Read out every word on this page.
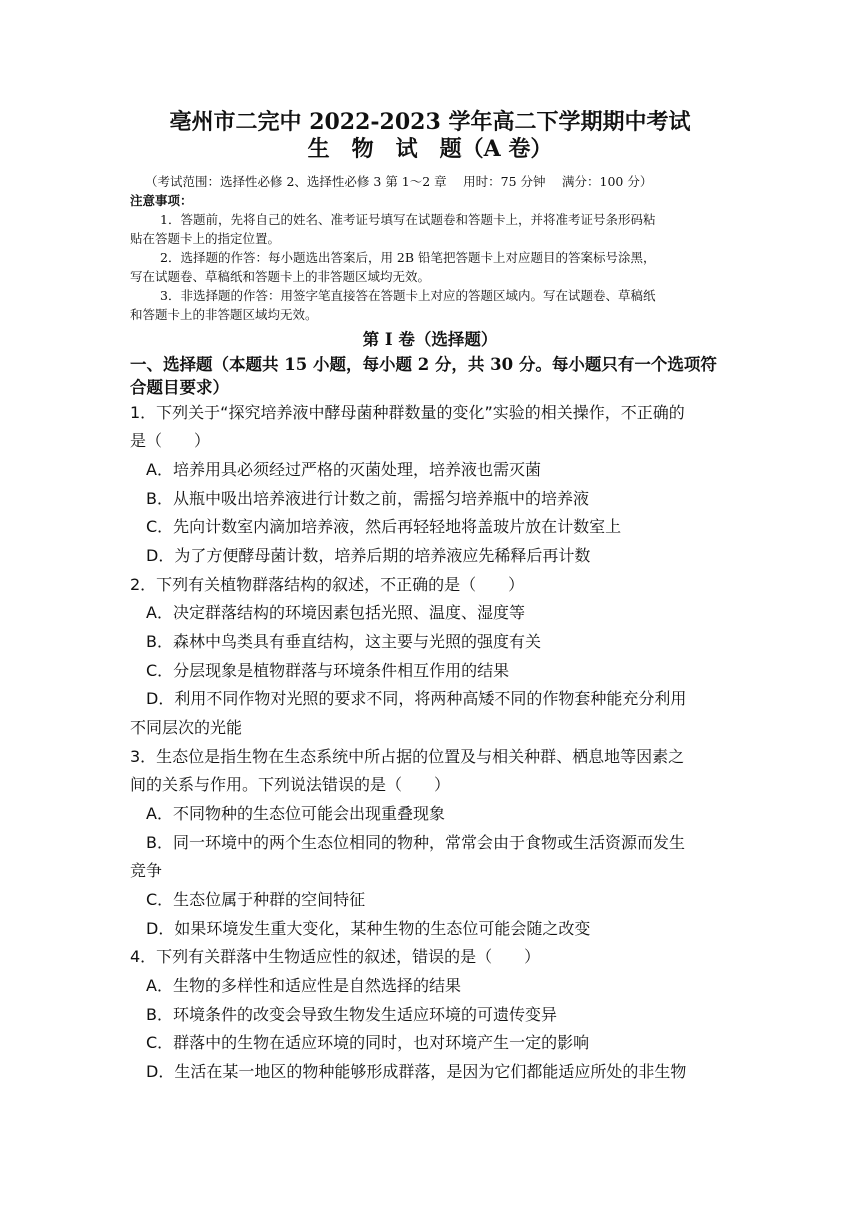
亳州市二完中 2022-2023 学年高二下学期期中考试
生　物　试　题（A 卷）
（考试范围：选择性必修 2、选择性必修 3 第 1～2 章　 用时：75 分钟　 满分：100 分）
注意事项：
1．答题前，先将自己的姓名、准考证号填写在试题卷和答题卡上，并将准考证号条形码粘
贴在答题卡上的指定位置。
2．选择题的作答：每小题选出答案后，用 2B 铅笔把答题卡上对应题目的答案标号涂黑，
写在试题卷、草稿纸和答题卡上的非答题区域均无效。
3．非选择题的作答：用签字笔直接答在答题卡上对应的答题区域内。写在试题卷、草稿纸
和答题卡上的非答题区域均无效。
第 I 卷（选择题）
一、选择题（本题共 15 小题，每小题 2 分，共 30 分。每小题只有一个选项符
合题目要求）
1．下列关于“探究培养液中酵母菌种群数量的变化”实验的相关操作，不正确的
是（　　）
A．培养用具必须经过严格的灭菌处理，培养液也需灭菌
B．从瓶中吸出培养液进行计数之前，需摇匀培养瓶中的培养液
C．先向计数室内滴加培养液，然后再轻轻地将盖玻片放在计数室上
D．为了方便酵母菌计数，培养后期的培养液应先稀释后再计数
2．下列有关植物群落结构的叙述，不正确的是（　　）
A．决定群落结构的环境因素包括光照、温度、湿度等
B．森林中鸟类具有垂直结构，这主要与光照的强度有关
C．分层现象是植物群落与环境条件相互作用的结果
D．利用不同作物对光照的要求不同，将两种高矮不同的作物套种能充分利用
不同层次的光能
3．生态位是指生物在生态系统中所占据的位置及与相关种群、栖息地等因素之
间的关系与作用。下列说法错误的是（　　）
A．不同物种的生态位可能会出现重叠现象
B．同一环境中的两个生态位相同的物种，常常会由于食物或生活资源而发生
竞争
C．生态位属于种群的空间特征
D．如果环境发生重大变化，某种生物的生态位可能会随之改变
4．下列有关群落中生物适应性的叙述，错误的是（　　）
A．生物的多样性和适应性是自然选择的结果
B．环境条件的改变会导致生物发生适应环境的可遗传变异
C．群落中的生物在适应环境的同时，也对环境产生一定的影响
D．生活在某一地区的物种能够形成群落，是因为它们都能适应所处的非生物
